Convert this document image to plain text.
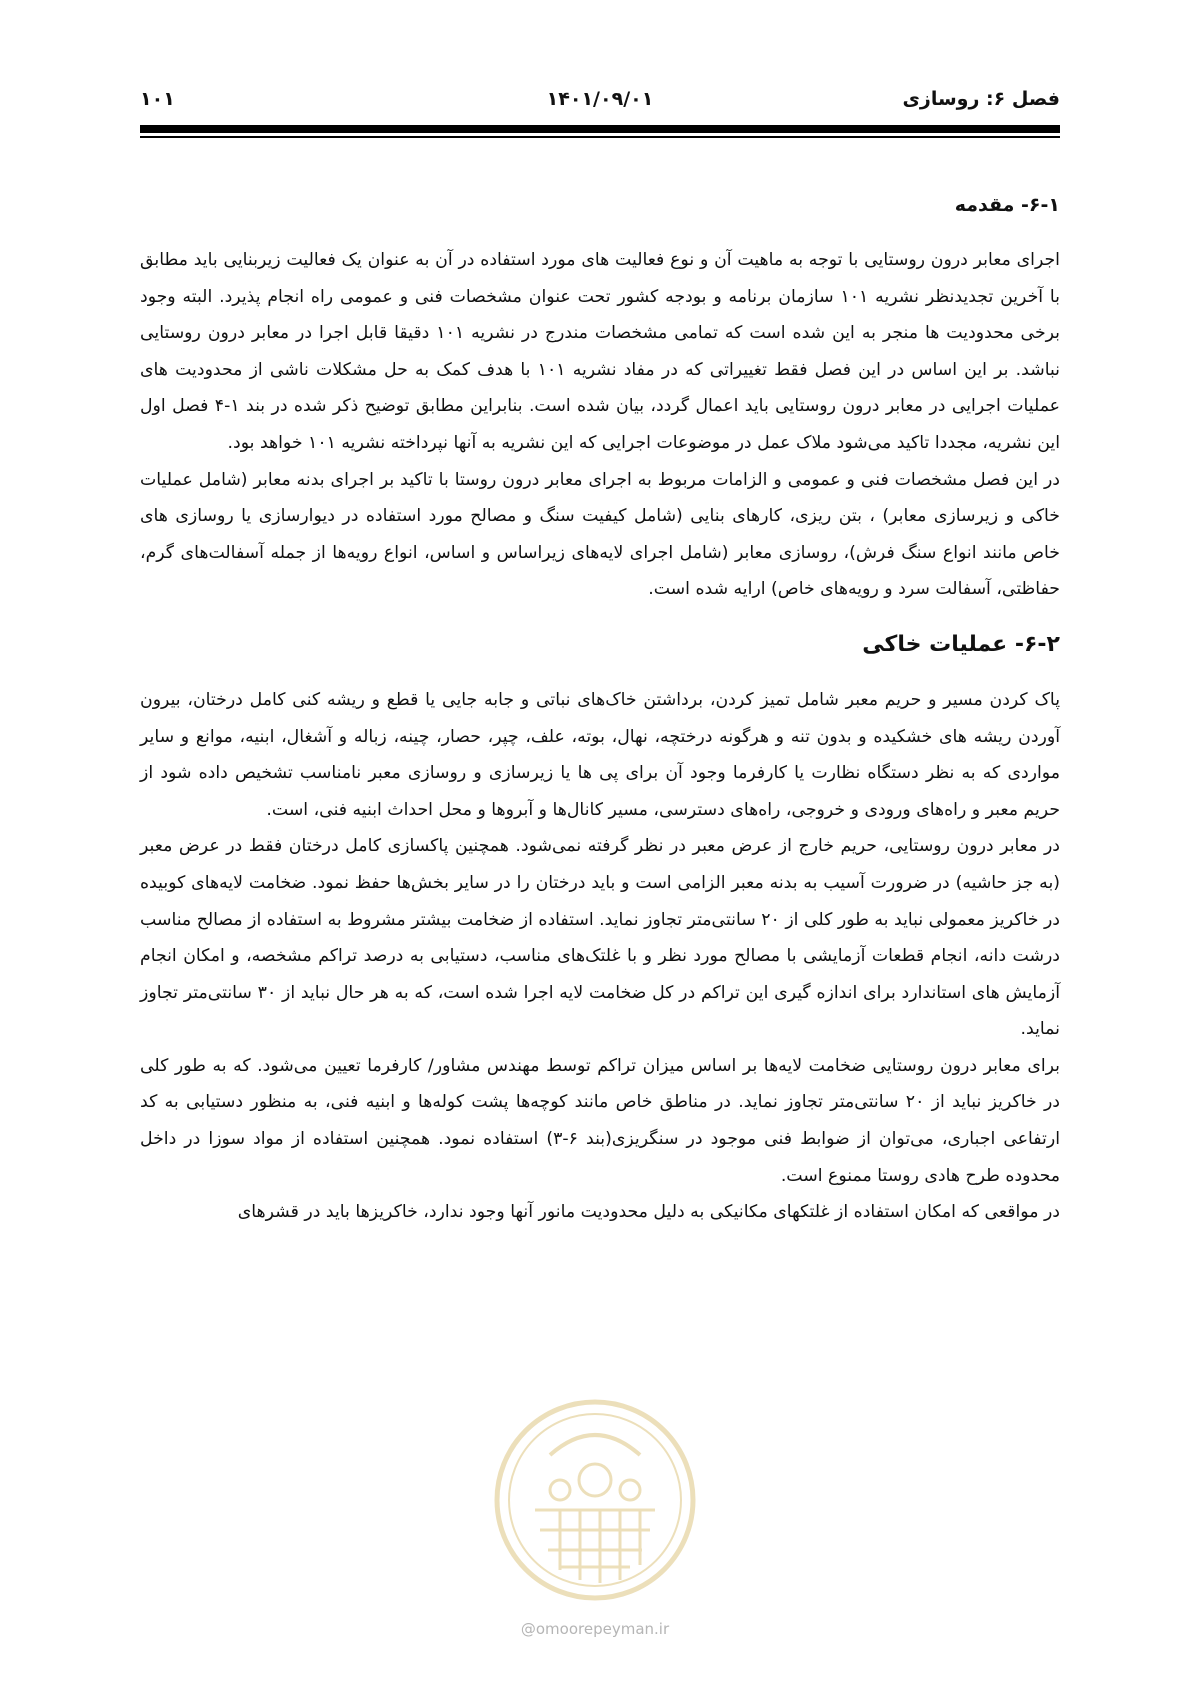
فصل ۶: روسازی
۱۴۰۱/۰۹/۰۱
۱۰۱
۶-۱- مقدمه

اجرای معابر درون روستایی با توجه به ماهیت آن و نوع فعالیت های مورد استفاده در آن به عنوان یک فعالیت زیربنایی باید مطابق با آخرین تجدیدنظر نشریه ۱۰۱ سازمان برنامه و بودجه کشور تحت عنوان مشخصات فنی و عمومی راه انجام پذیرد. البته وجود برخی محدودیت ها منجر به این شده است که تمامی مشخصات مندرج در نشریه ۱۰۱ دقیقا قابل اجرا در معابر درون روستایی نباشد. بر این اساس در این فصل فقط تغییراتی که در مفاد نشریه ۱۰۱ با هدف کمک به حل مشکلات ناشی از محدودیت های عملیات اجرایی در معابر درون روستایی باید اعمال گردد، بیان شده است. بنابراین مطابق توضیح ذکر شده در بند ۱-۴ فصل اول این نشریه، مجددا تاکید می‌شود ملاک عمل در موضوعات اجرایی که این نشریه به آنها نپرداخته نشریه ۱۰۱ خواهد بود.

در این فصل مشخصات فنی و عمومی و الزامات مربوط به اجرای معابر درون روستا با تاکید بر اجرای بدنه معابر (شامل عملیات خاکی و زیرسازی معابر) ، بتن ریزی، کارهای بنایی (شامل کیفیت سنگ و مصالح مورد استفاده در دیوارسازی یا روسازی های خاص مانند انواع سنگ فرش)، روسازی معابر (شامل اجرای لایه‌های زیراساس و اساس، انواع رویه‌ها از جمله آسفالت‌های گرم، حفاظتی، آسفالت سرد و رویه‌های خاص) ارایه شده است.

۶-۲- عملیات خاکی

پاک کردن مسیر و حریم معبر شامل تمیز کردن، برداشتن خاک‌های نباتی و جابه جایی یا قطع و ریشه کنی کامل درختان، بیرون آوردن ریشه های خشکیده و بدون تنه و هرگونه درختچه، نهال، بوته، علف، چپر، حصار، چینه، زباله و آشغال، ابنیه، موانع و سایر مواردی که به نظر دستگاه نظارت یا کارفرما وجود آن برای پی ها یا زیرسازی و روسازی معبر نامناسب تشخیص داده شود از حریم معبر و راه‌های ورودی و خروجی، راه‌های دسترسی، مسیر کانال‌ها و آبروها و محل احداث ابنیه فنی، است.

در معابر درون روستایی، حریم خارج از عرض معبر در نظر گرفته نمی‌شود. همچنین پاکسازی کامل درختان فقط در عرض معبر (به جز حاشیه) در ضرورت آسیب به بدنه معبر الزامی است و باید درختان را در سایر بخش‌ها حفظ نمود. ضخامت لایه‌های کوبیده در خاکریز معمولی نباید به طور کلی از ۲۰ سانتی‌متر تجاوز نماید. استفاده از ضخامت بیشتر مشروط به استفاده از مصالح مناسب درشت دانه، انجام قطعات آزمایشی با مصالح مورد نظر و با غلتک‌های مناسب، دستیابی به درصد تراکم مشخصه، و امکان انجام آزمایش های استاندارد برای اندازه گیری این تراکم در کل ضخامت لایه اجرا شده است، که به هر حال نباید از ۳۰ سانتی‌متر تجاوز نماید.

برای معابر درون روستایی ضخامت لایه‌ها بر اساس میزان تراکم توسط مهندس مشاور/ کارفرما تعیین می‌شود. که به طور کلی در خاکریز نباید از ۲۰ سانتی‌متر تجاوز نماید. در مناطق خاص مانند کوچه‌ها پشت کوله‌ها و ابنیه فنی، به منظور دستیابی به کد ارتفاعی اجباری، می‌توان از ضوابط فنی موجود در سنگریزی(بند ۶-۳) استفاده نمود. همچنین استفاده از مواد سوزا در داخل محدوده طرح هادی روستا ممنوع است.

در مواقعی که امکان استفاده از غلتکهای مکانیکی به دلیل محدودیت مانور آنها وجود ندارد، خاکریزها باید در قشرهای

@omoorepeyman.ir
